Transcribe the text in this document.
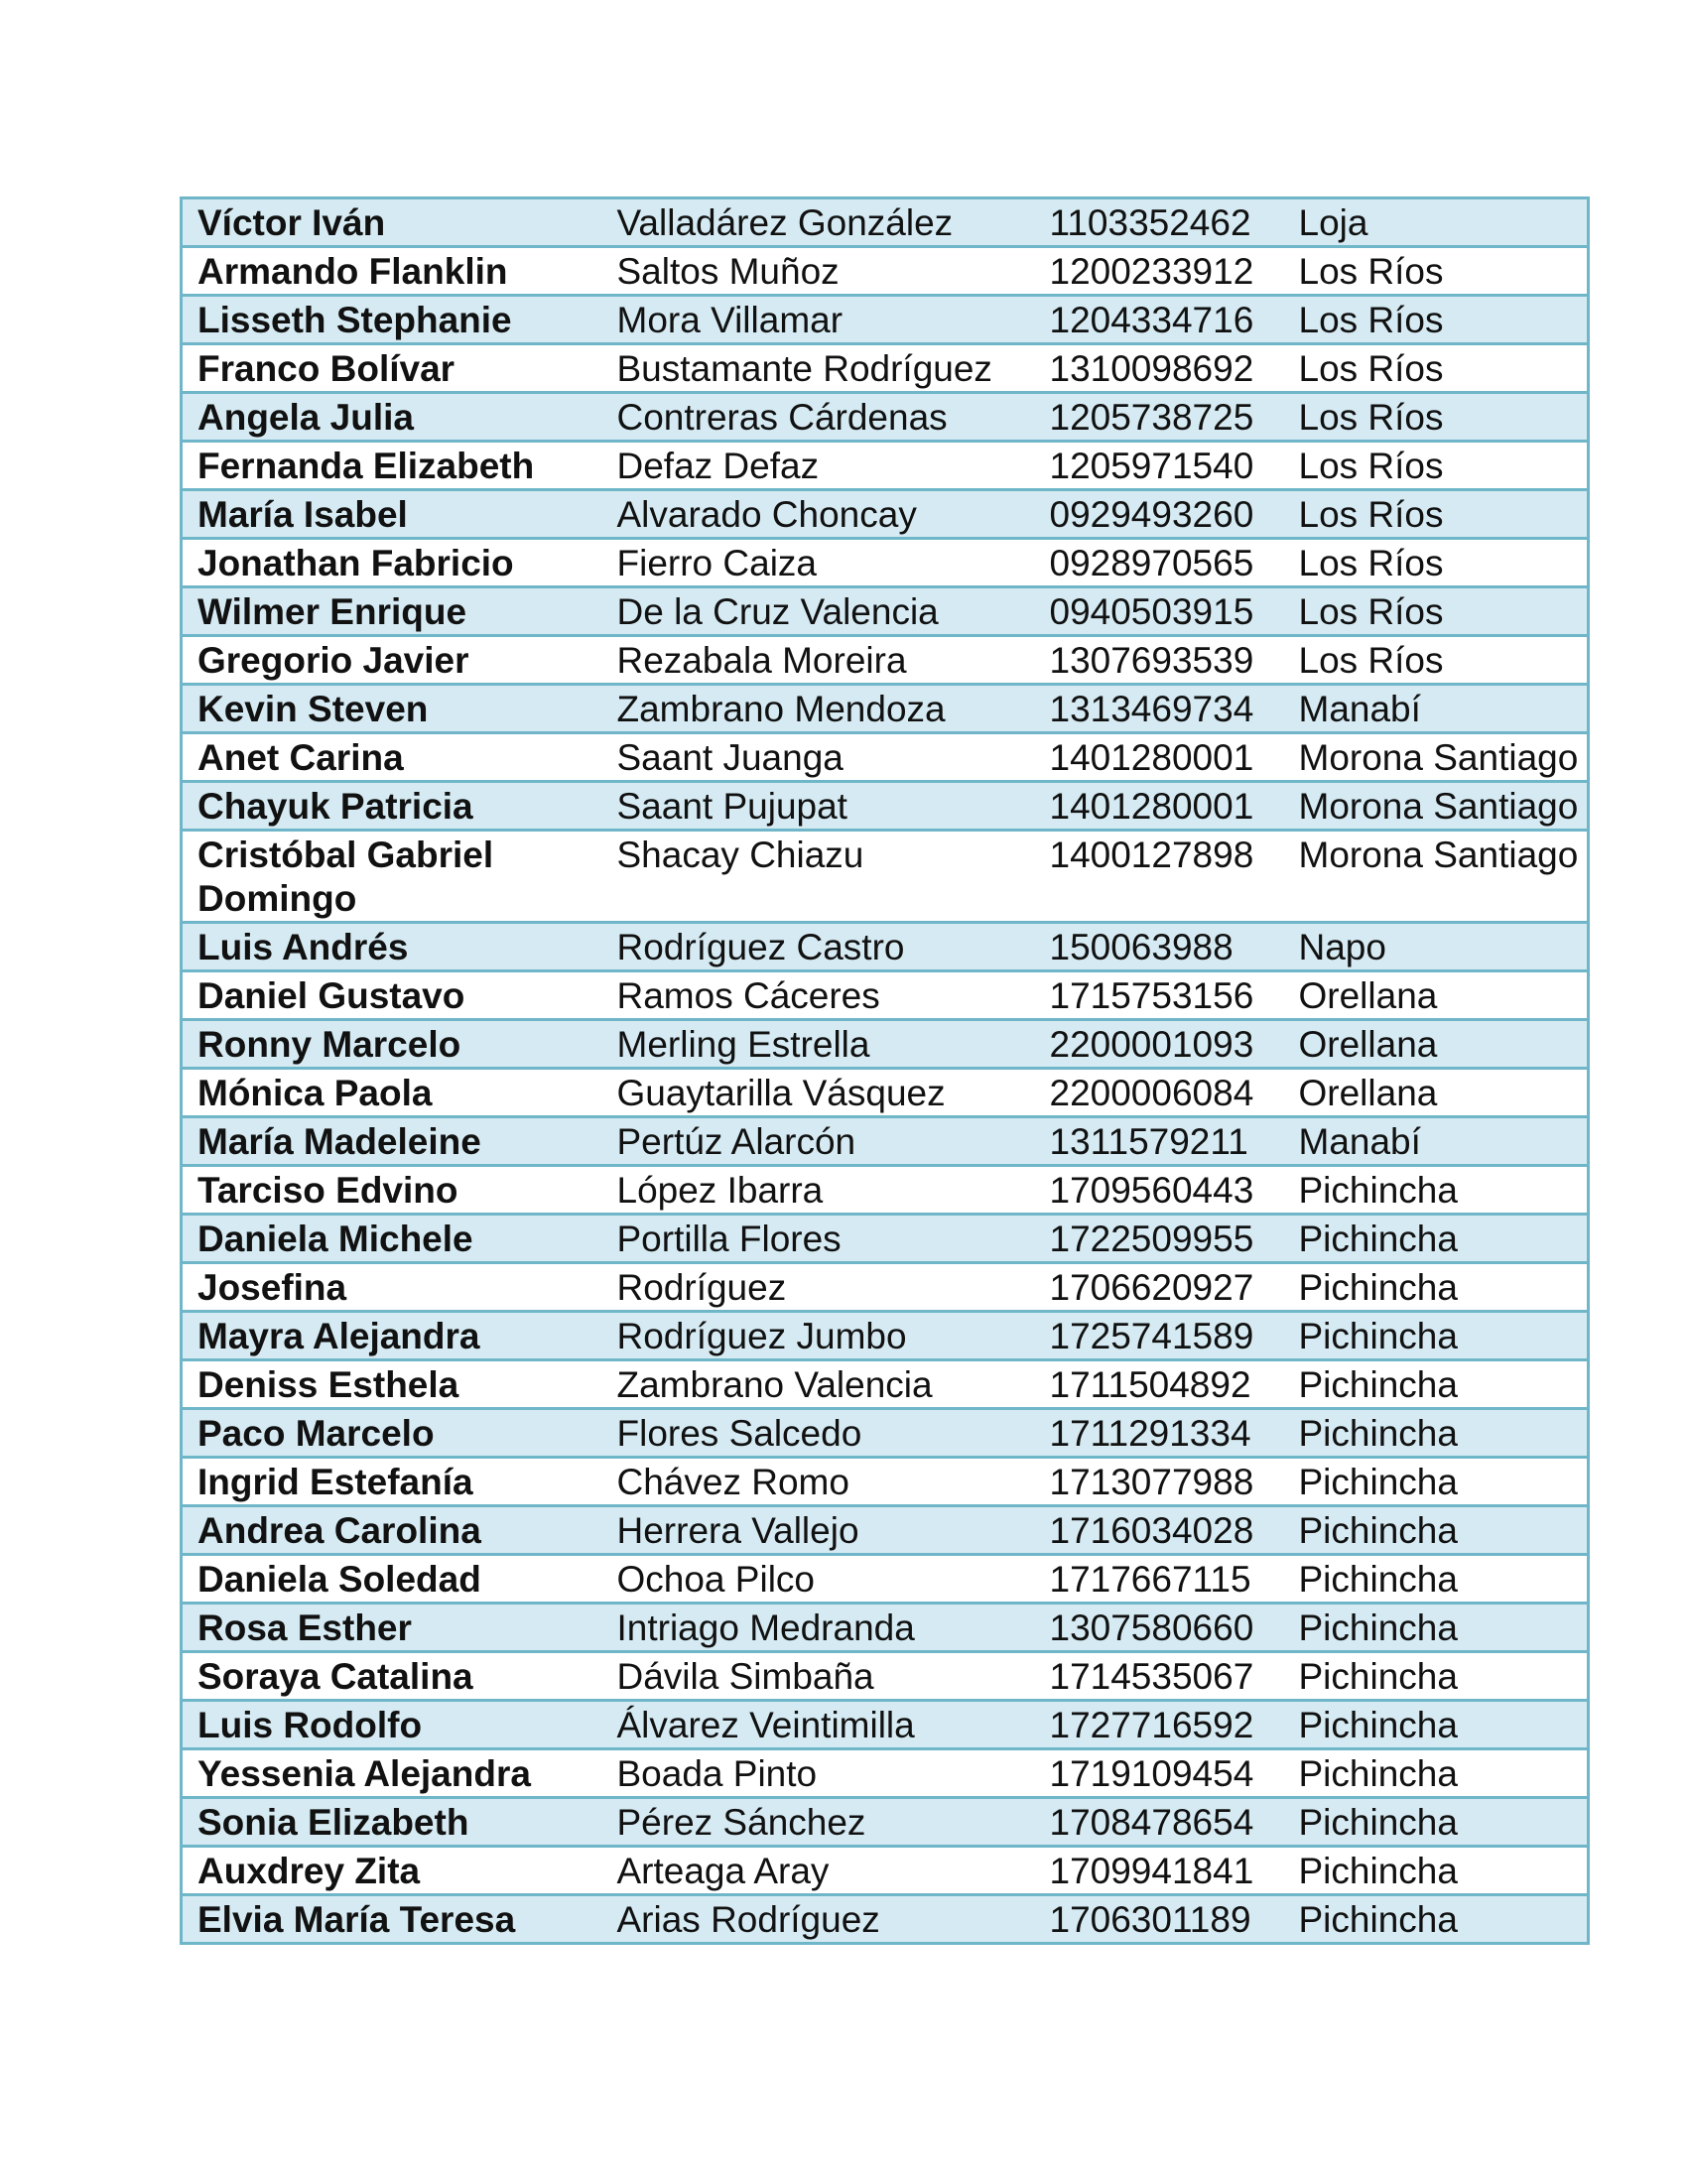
Víctor Iván	Valladárez González	1103352462	Loja
Armando Flanklin	Saltos Muñoz	1200233912	Los Ríos
Lisseth Stephanie	Mora Villamar	1204334716	Los Ríos
Franco Bolívar	Bustamante Rodríguez	1310098692	Los Ríos
Angela Julia	Contreras Cárdenas	1205738725	Los Ríos
Fernanda Elizabeth	Defaz Defaz	1205971540	Los Ríos
María Isabel	Alvarado Choncay	0929493260	Los Ríos
Jonathan Fabricio	Fierro Caiza	0928970565	Los Ríos
Wilmer Enrique	De la Cruz Valencia	0940503915	Los Ríos
Gregorio Javier	Rezabala Moreira	1307693539	Los Ríos
Kevin Steven	Zambrano Mendoza	1313469734	Manabí
Anet Carina	Saant Juanga	1401280001	Morona Santiago
Chayuk Patricia	Saant Pujupat	1401280001	Morona Santiago
Cristóbal Gabriel Domingo	Shacay Chiazu	1400127898	Morona Santiago
Luis Andrés	Rodríguez Castro	150063988	Napo
Daniel Gustavo	Ramos Cáceres	1715753156	Orellana
Ronny Marcelo	Merling Estrella	2200001093	Orellana
Mónica Paola	Guaytarilla Vásquez	2200006084	Orellana
María Madeleine	Pertúz Alarcón	1311579211	Manabí
Tarciso Edvino	López Ibarra	1709560443	Pichincha
Daniela Michele	Portilla Flores	1722509955	Pichincha
Josefina	Rodríguez	1706620927	Pichincha
Mayra Alejandra	Rodríguez Jumbo	1725741589	Pichincha
Deniss Esthela	Zambrano Valencia	1711504892	Pichincha
Paco Marcelo	Flores Salcedo	1711291334	Pichincha
Ingrid Estefanía	Chávez Romo	1713077988	Pichincha
Andrea Carolina	Herrera Vallejo	1716034028	Pichincha
Daniela Soledad	Ochoa Pilco	1717667115	Pichincha
Rosa Esther	Intriago Medranda	1307580660	Pichincha
Soraya Catalina	Dávila Simbaña	1714535067	Pichincha
Luis Rodolfo	Álvarez Veintimilla	1727716592	Pichincha
Yessenia Alejandra	Boada Pinto	1719109454	Pichincha
Sonia Elizabeth	Pérez Sánchez	1708478654	Pichincha
Auxdrey Zita	Arteaga Aray	1709941841	Pichincha
Elvia María Teresa	Arias Rodríguez	1706301189	Pichincha
